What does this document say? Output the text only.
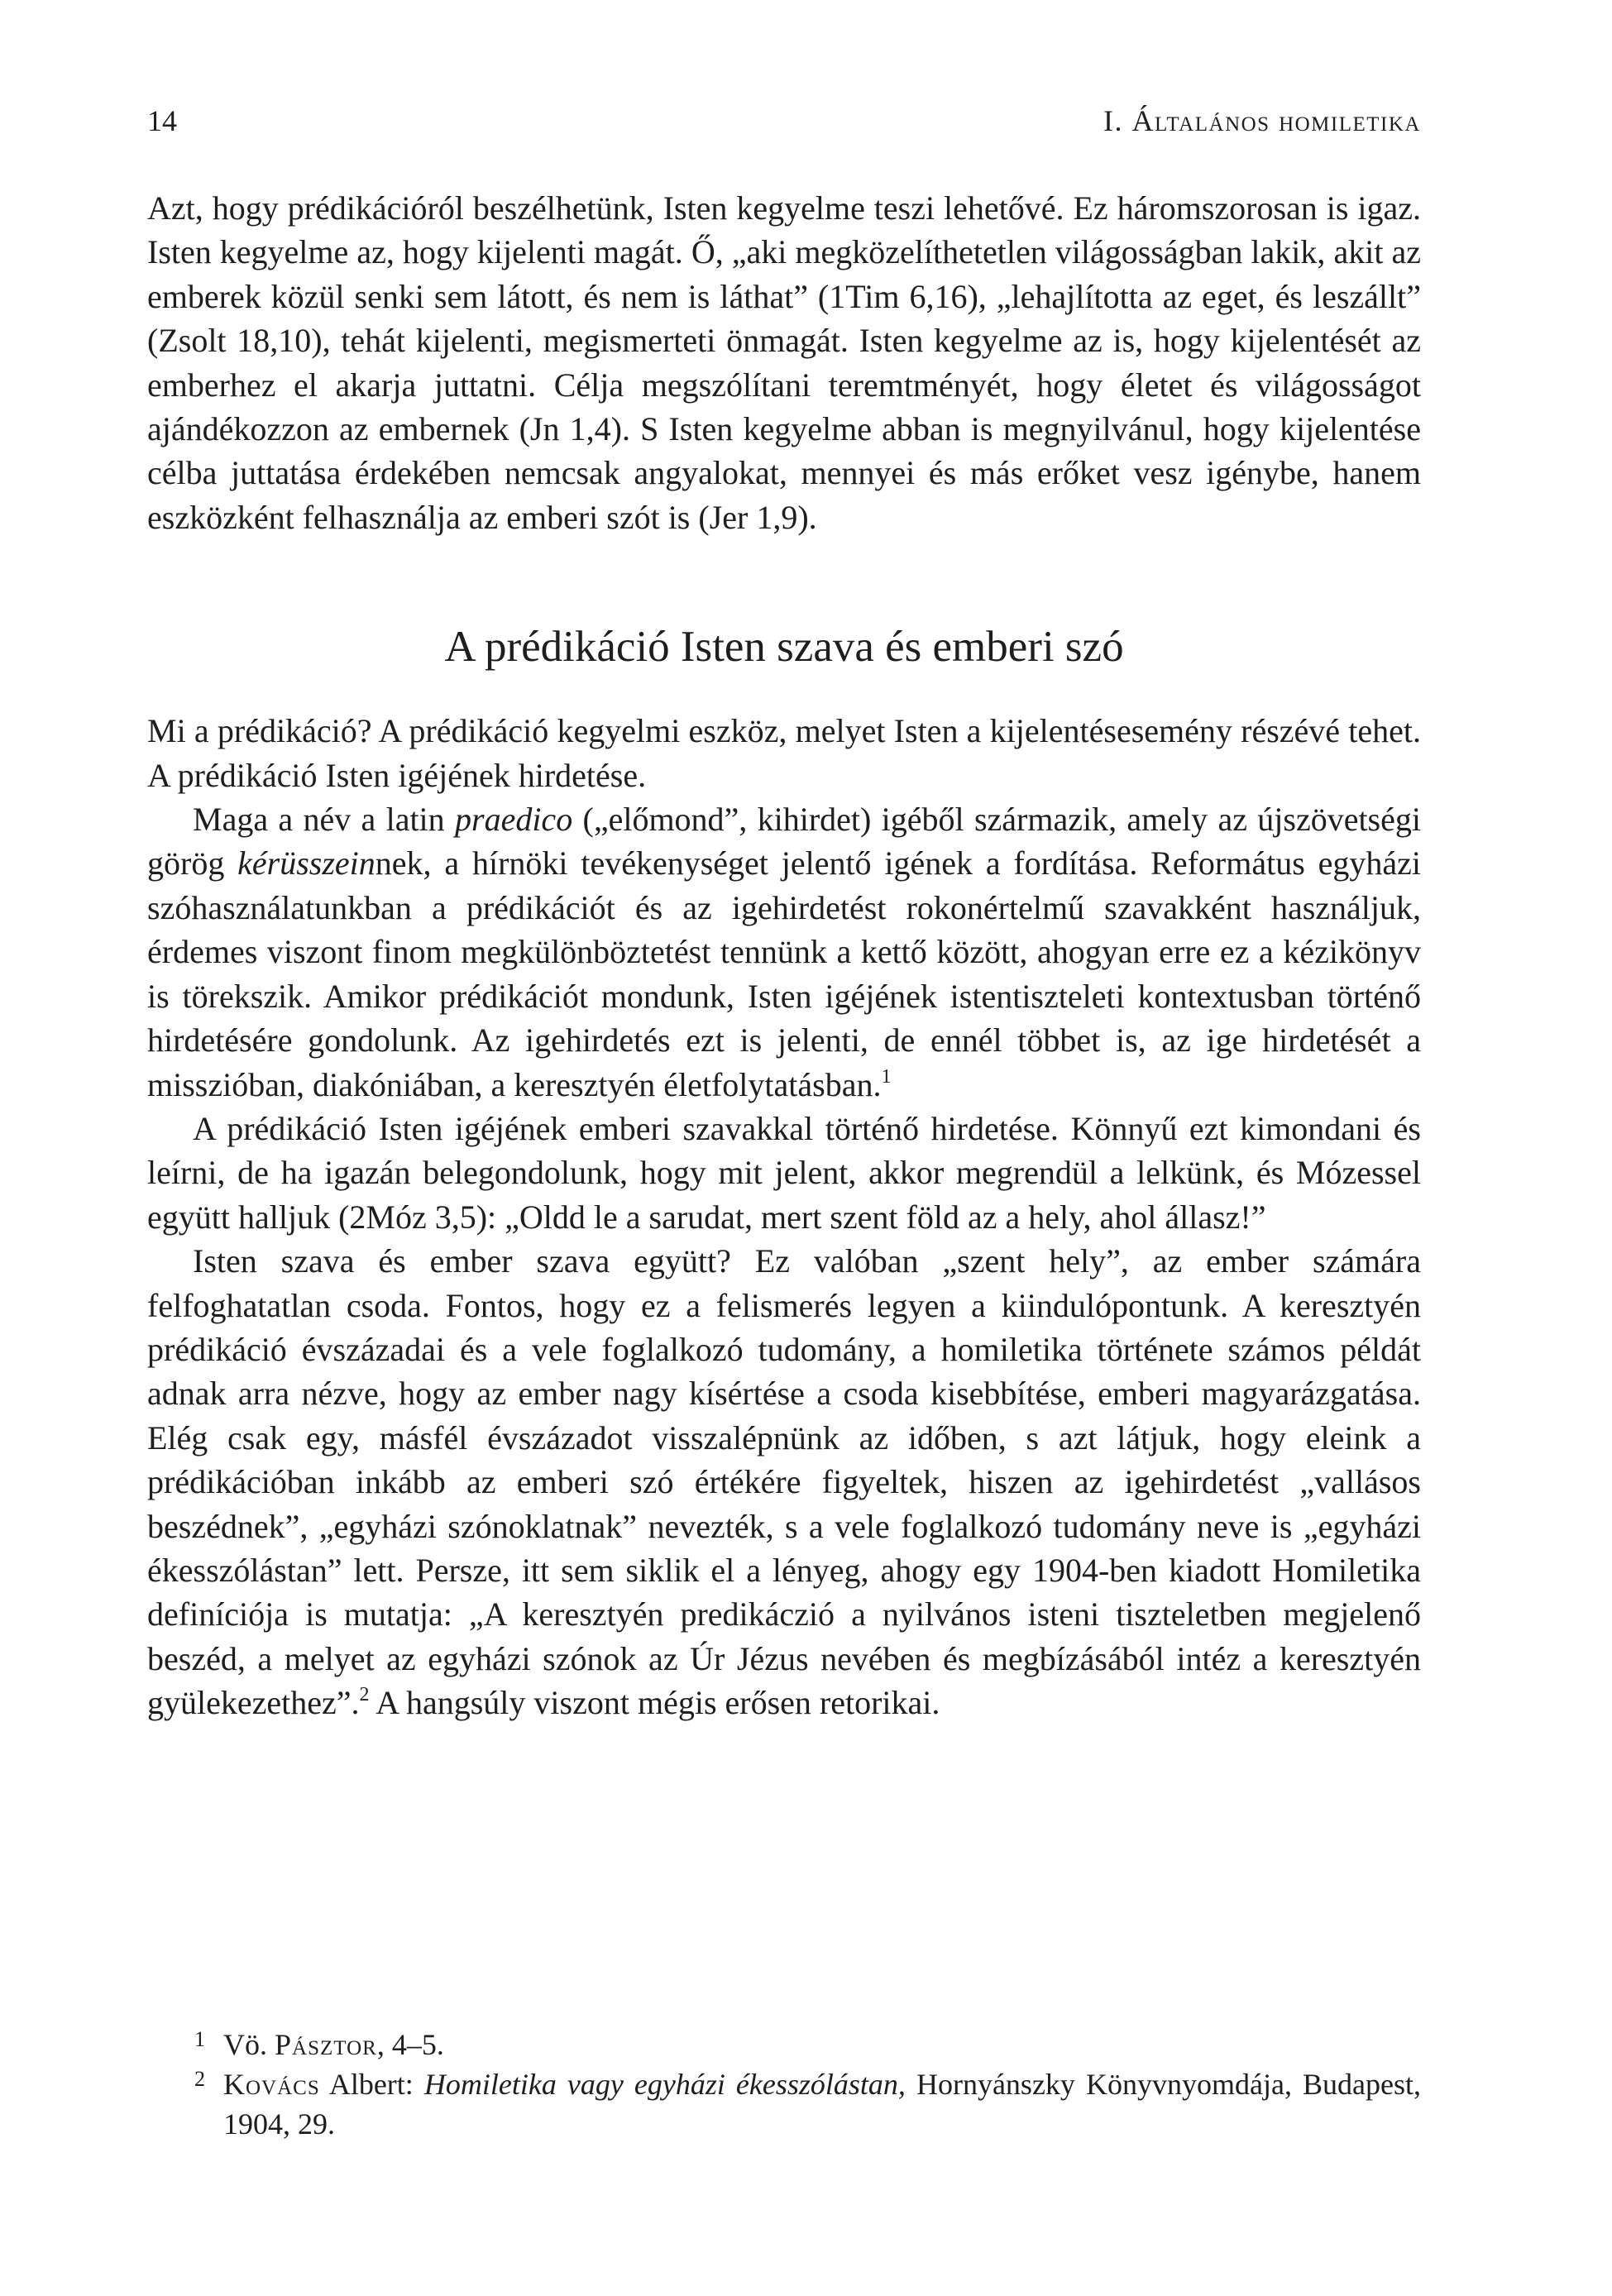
14	I. Általános homiletika

Azt, hogy prédikációról beszélhetünk, Isten kegyelme teszi lehetővé. Ez háromszorosan is igaz. Isten kegyelme az, hogy kijelenti magát. Ő, „aki megközelíthetetlen világosságban lakik, akit az emberek közül senki sem látott, és nem is láthat” (1Tim 6,16), „lehajlította az eget, és leszállt” (Zsolt 18,10), tehát kijelenti, megismerteti önmagát. Isten kegyelme az is, hogy kijelentését az emberhez el akarja juttatni. Célja megszólítani teremtményét, hogy életet és világosságot ajándékozzon az embernek (Jn 1,4). S Isten kegyelme abban is megnyilvánul, hogy kijelentése célba juttatása érdekében nemcsak angyalokat, mennyei és más erőket vesz igénybe, hanem eszközként felhasználja az emberi szót is (Jer 1,9).

A prédikáció Isten szava és emberi szó

Mi a prédikáció? A prédikáció kegyelmi eszköz, melyet Isten a kijelentésesemény részévé tehet. A prédikáció Isten igéjének hirdetése.

Maga a név a latin praedico („előmond”, kihirdet) igéből származik, amely az újszövetségi görög kérüsszeinnek, a hírnöki tevékenységet jelentő igének a fordítása. Református egyházi szóhasználatunkban a prédikációt és az igehirdetést rokonértelmű szavakként használjuk, érdemes viszont finom megkülönböztetést tennünk a kettő között, ahogyan erre ez a kézikönyv is törekszik. Amikor prédikációt mondunk, Isten igéjének istentiszteleti kontextusban történő hirdetésére gondolunk. Az igehirdetés ezt is jelenti, de ennél többet is, az ige hirdetését a misszióban, diakóniában, a keresztyén életfolytatásban.$^1$

A prédikáció Isten igéjének emberi szavakkal történő hirdetése. Könnyű ezt kimondani és leírni, de ha igazán belegondolunk, hogy mit jelent, akkor megrendül a lelkünk, és Mózessel együtt halljuk (2Móz 3,5): „Oldd le a sarudat, mert szent föld az a hely, ahol állasz!”

Isten szava és ember szava együtt? Ez valóban „szent hely”, az ember számára felfoghatatlan csoda. Fontos, hogy ez a felismerés legyen a kiindulópontunk. A keresztyén prédikáció évszázadai és a vele foglalkozó tudomány, a homiletika története számos példát adnak arra nézve, hogy az ember nagy kísértése a csoda kisebbítése, emberi magyarázgatása. Elég csak egy, másfél évszázadot visszalépnünk az időben, s azt látjuk, hogy eleink a prédikációban inkább az emberi szó értékére figyeltek, hiszen az igehirdetést „vallásos beszédnek”, „egyházi szónoklatnak” nevezték, s a vele foglalkozó tudomány neve is „egyházi ékesszólástan” lett. Persze, itt sem siklik el a lényeg, ahogy egy 1904-ben kiadott Homiletika definíciója is mutatja: „A keresztyén predikáczió a nyilvános isteni tiszteletben megjelenő beszéd, a melyet az egyházi szónok az Úr Jézus nevében és megbízásából intéz a keresztyén gyülekezethez”.$^2$ A hangsúly viszont mégis erősen retorikai.

1 Vö. Pásztor, 4–5.
2 Kovács Albert: Homiletika vagy egyházi ékesszólástan, Hornyánszky Könyvnyomdája, Budapest, 1904, 29.
